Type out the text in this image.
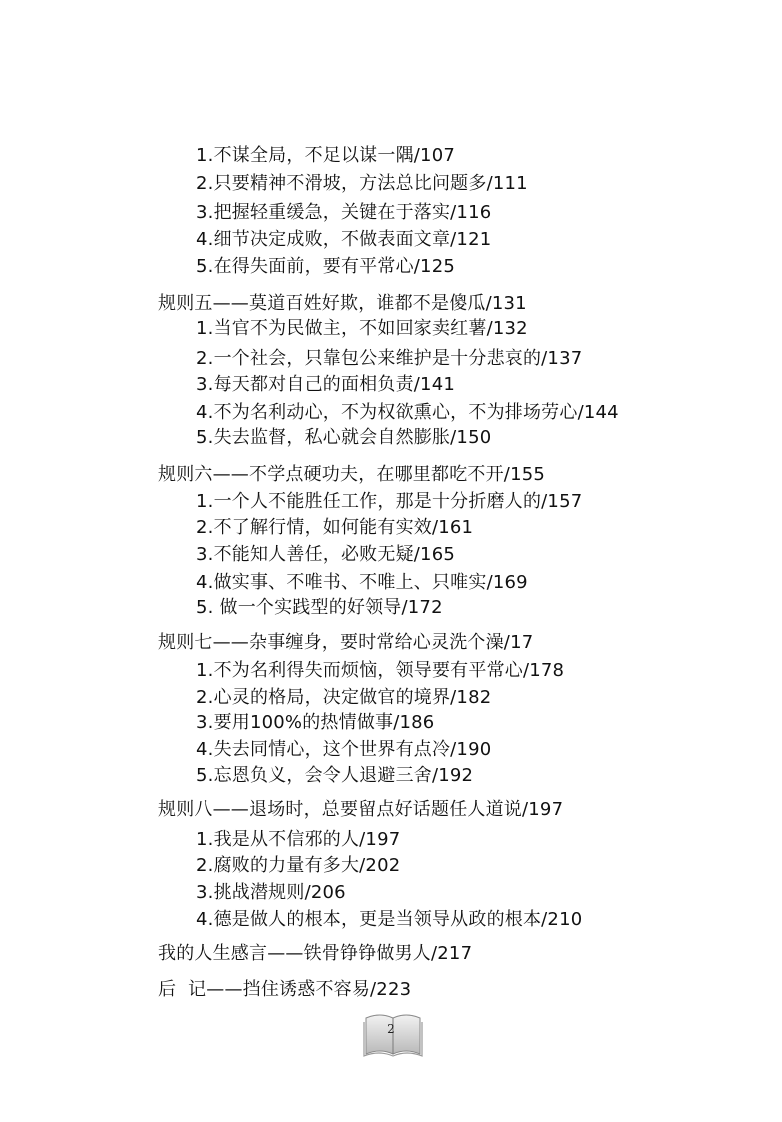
1.不谋全局，不足以谋一隅/107
2.只要精神不滑坡，方法总比问题多/111
3.把握轻重缓急，关键在于落实/116
4.细节决定成败，不做表面文章/121
5.在得失面前，要有平常心/125
规则五——莫道百姓好欺，谁都不是傻瓜/131
1.当官不为民做主，不如回家卖红薯/132
2.一个社会，只靠包公来维护是十分悲哀的/137
3.每天都对自己的面相负责/141
4.不为名利动心，不为权欲熏心，不为排场劳心/144
5.失去监督，私心就会自然膨胀/150
规则六——不学点硬功夫，在哪里都吃不开/155
1.一个人不能胜任工作，那是十分折磨人的/157
2.不了解行情，如何能有实效/161
3.不能知人善任，必败无疑/165
4.做实事、不唯书、不唯上、只唯实/169
5. 做一个实践型的好领导/172
规则七——杂事缠身，要时常给心灵洗个澡/17
1.不为名利得失而烦恼，领导要有平常心/178
2.心灵的格局，决定做官的境界/182
3.要用100%的热情做事/186
4.失去同情心，这个世界有点冷/190
5.忘恩负义，会令人退避三舍/192
规则八——退场时，总要留点好话题任人道说/197
1.我是从不信邪的人/197
2.腐败的力量有多大/202
3.挑战潜规则/206
4.德是做人的根本，更是当领导从政的根本/210
我的人生感言——铁骨铮铮做男人/217
后  记——挡住诱惑不容易/223
2
